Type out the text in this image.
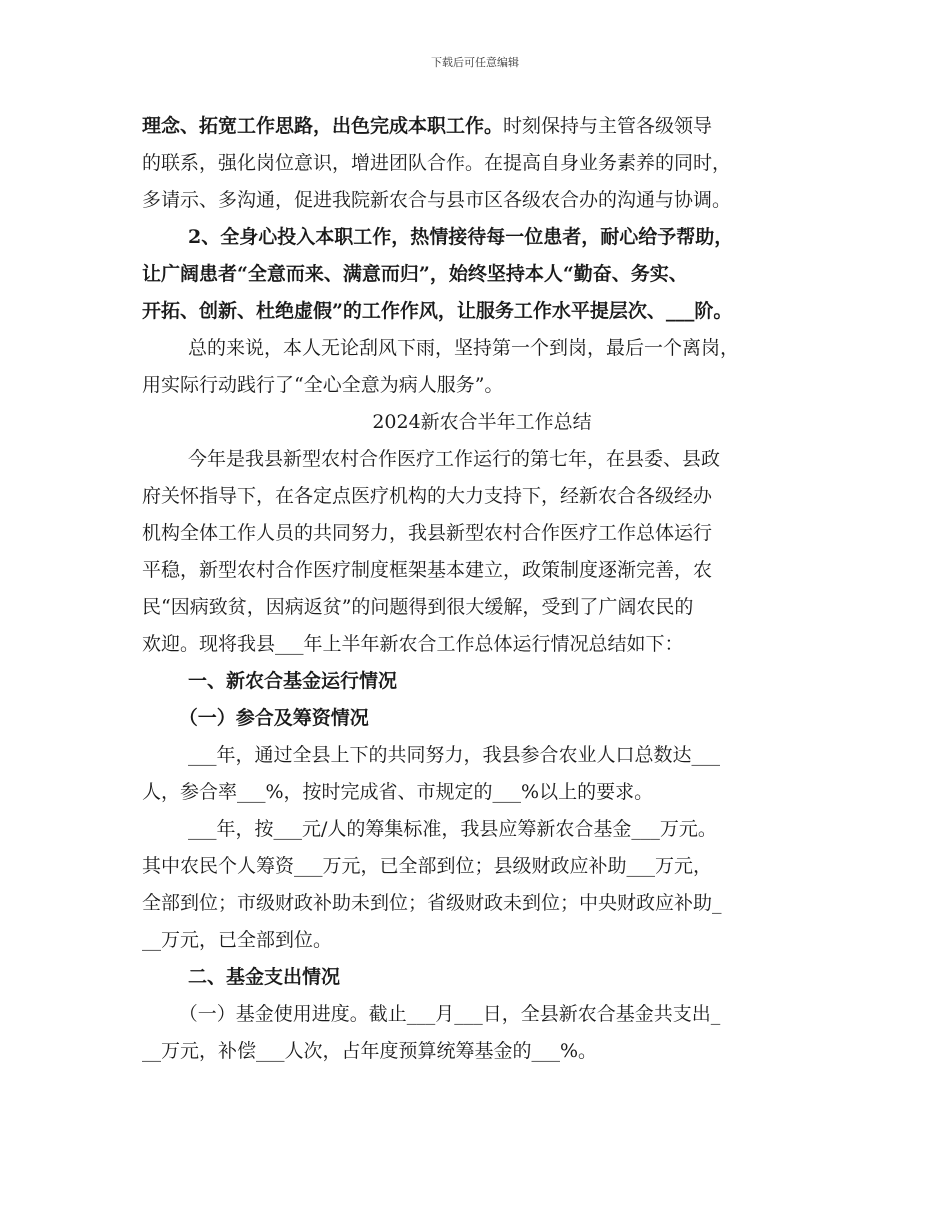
下载后可任意编辑
理念、拓宽工作思路，出色完成本职工作。时刻保持与主管各级领导
的联系，强化岗位意识，增进团队合作。在提高自身业务素养的同时，
多请示、多沟通，促进我院新农合与县市区各级农合办的沟通与协调。
2、全身心投入本职工作，热情接待每一位患者，耐心给予帮助，
让广阔患者“全意而来、满意而归”，始终坚持本人“勤奋、务实、
开拓、创新、杜绝虚假”的工作作风，让服务工作水平提层次、___阶。
总的来说，本人无论刮风下雨，坚持第一个到岗，最后一个离岗，
用实际行动践行了“全心全意为病人服务”。
2024新农合半年工作总结
今年是我县新型农村合作医疗工作运行的第七年，在县委、县政
府关怀指导下，在各定点医疗机构的大力支持下，经新农合各级经办
机构全体工作人员的共同努力，我县新型农村合作医疗工作总体运行
平稳，新型农村合作医疗制度框架基本建立，政策制度逐渐完善，农
民“因病致贫，因病返贫”的问题得到很大缓解，受到了广阔农民的
欢迎。现将我县___年上半年新农合工作总体运行情况总结如下：
一、新农合基金运行情况
（一）参合及筹资情况
___年，通过全县上下的共同努力，我县参合农业人口总数达___
人，参合率___%，按时完成省、市规定的___%以上的要求。
___年，按___元/人的筹集标准，我县应筹新农合基金___万元。
其中农民个人筹资___万元，已全部到位；县级财政应补助___万元，
全部到位；市级财政补助未到位；省级财政未到位；中央财政应补助_
__万元，已全部到位。
二、基金支出情况
（一）基金使用进度。截止___月___日，全县新农合基金共支出_
__万元，补偿___人次，占年度预算统筹基金的___%。
